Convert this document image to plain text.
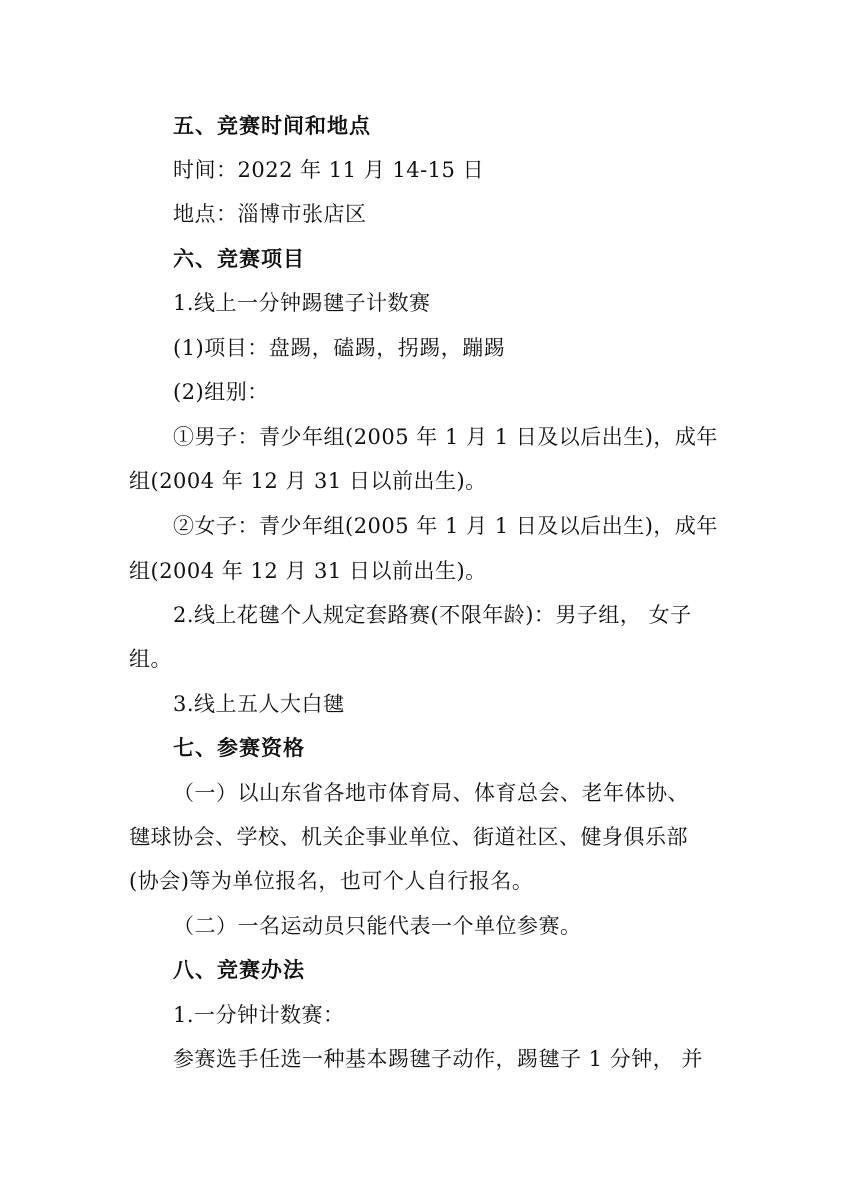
五、竞赛时间和地点
时间：2022 年 11 月 14-15 日
地点：淄博市张店区
六、竞赛项目
1.线上一分钟踢毽子计数赛
(1)项目：盘踢，磕踢，拐踢，蹦踢
(2)组别：
①男子：青少年组(2005 年 1 月 1 日及以后出生)，成年
组(2004 年 12 月 31 日以前出生)。
②女子：青少年组(2005 年 1 月 1 日及以后出生)，成年
组(2004 年 12 月 31 日以前出生)。
2.线上花毽个人规定套路赛(不限年龄)：男子组， 女子
组。
3.线上五人大白毽
七、参赛资格
（一）以山东省各地市体育局、体育总会、老年体协、
毽球协会、学校、机关企事业单位、街道社区、健身俱乐部
(协会)等为单位报名，也可个人自行报名。
（二）一名运动员只能代表一个单位参赛。
八、竞赛办法
1.一分钟计数赛：
参赛选手任选一种基本踢毽子动作，踢毽子 1 分钟， 并
